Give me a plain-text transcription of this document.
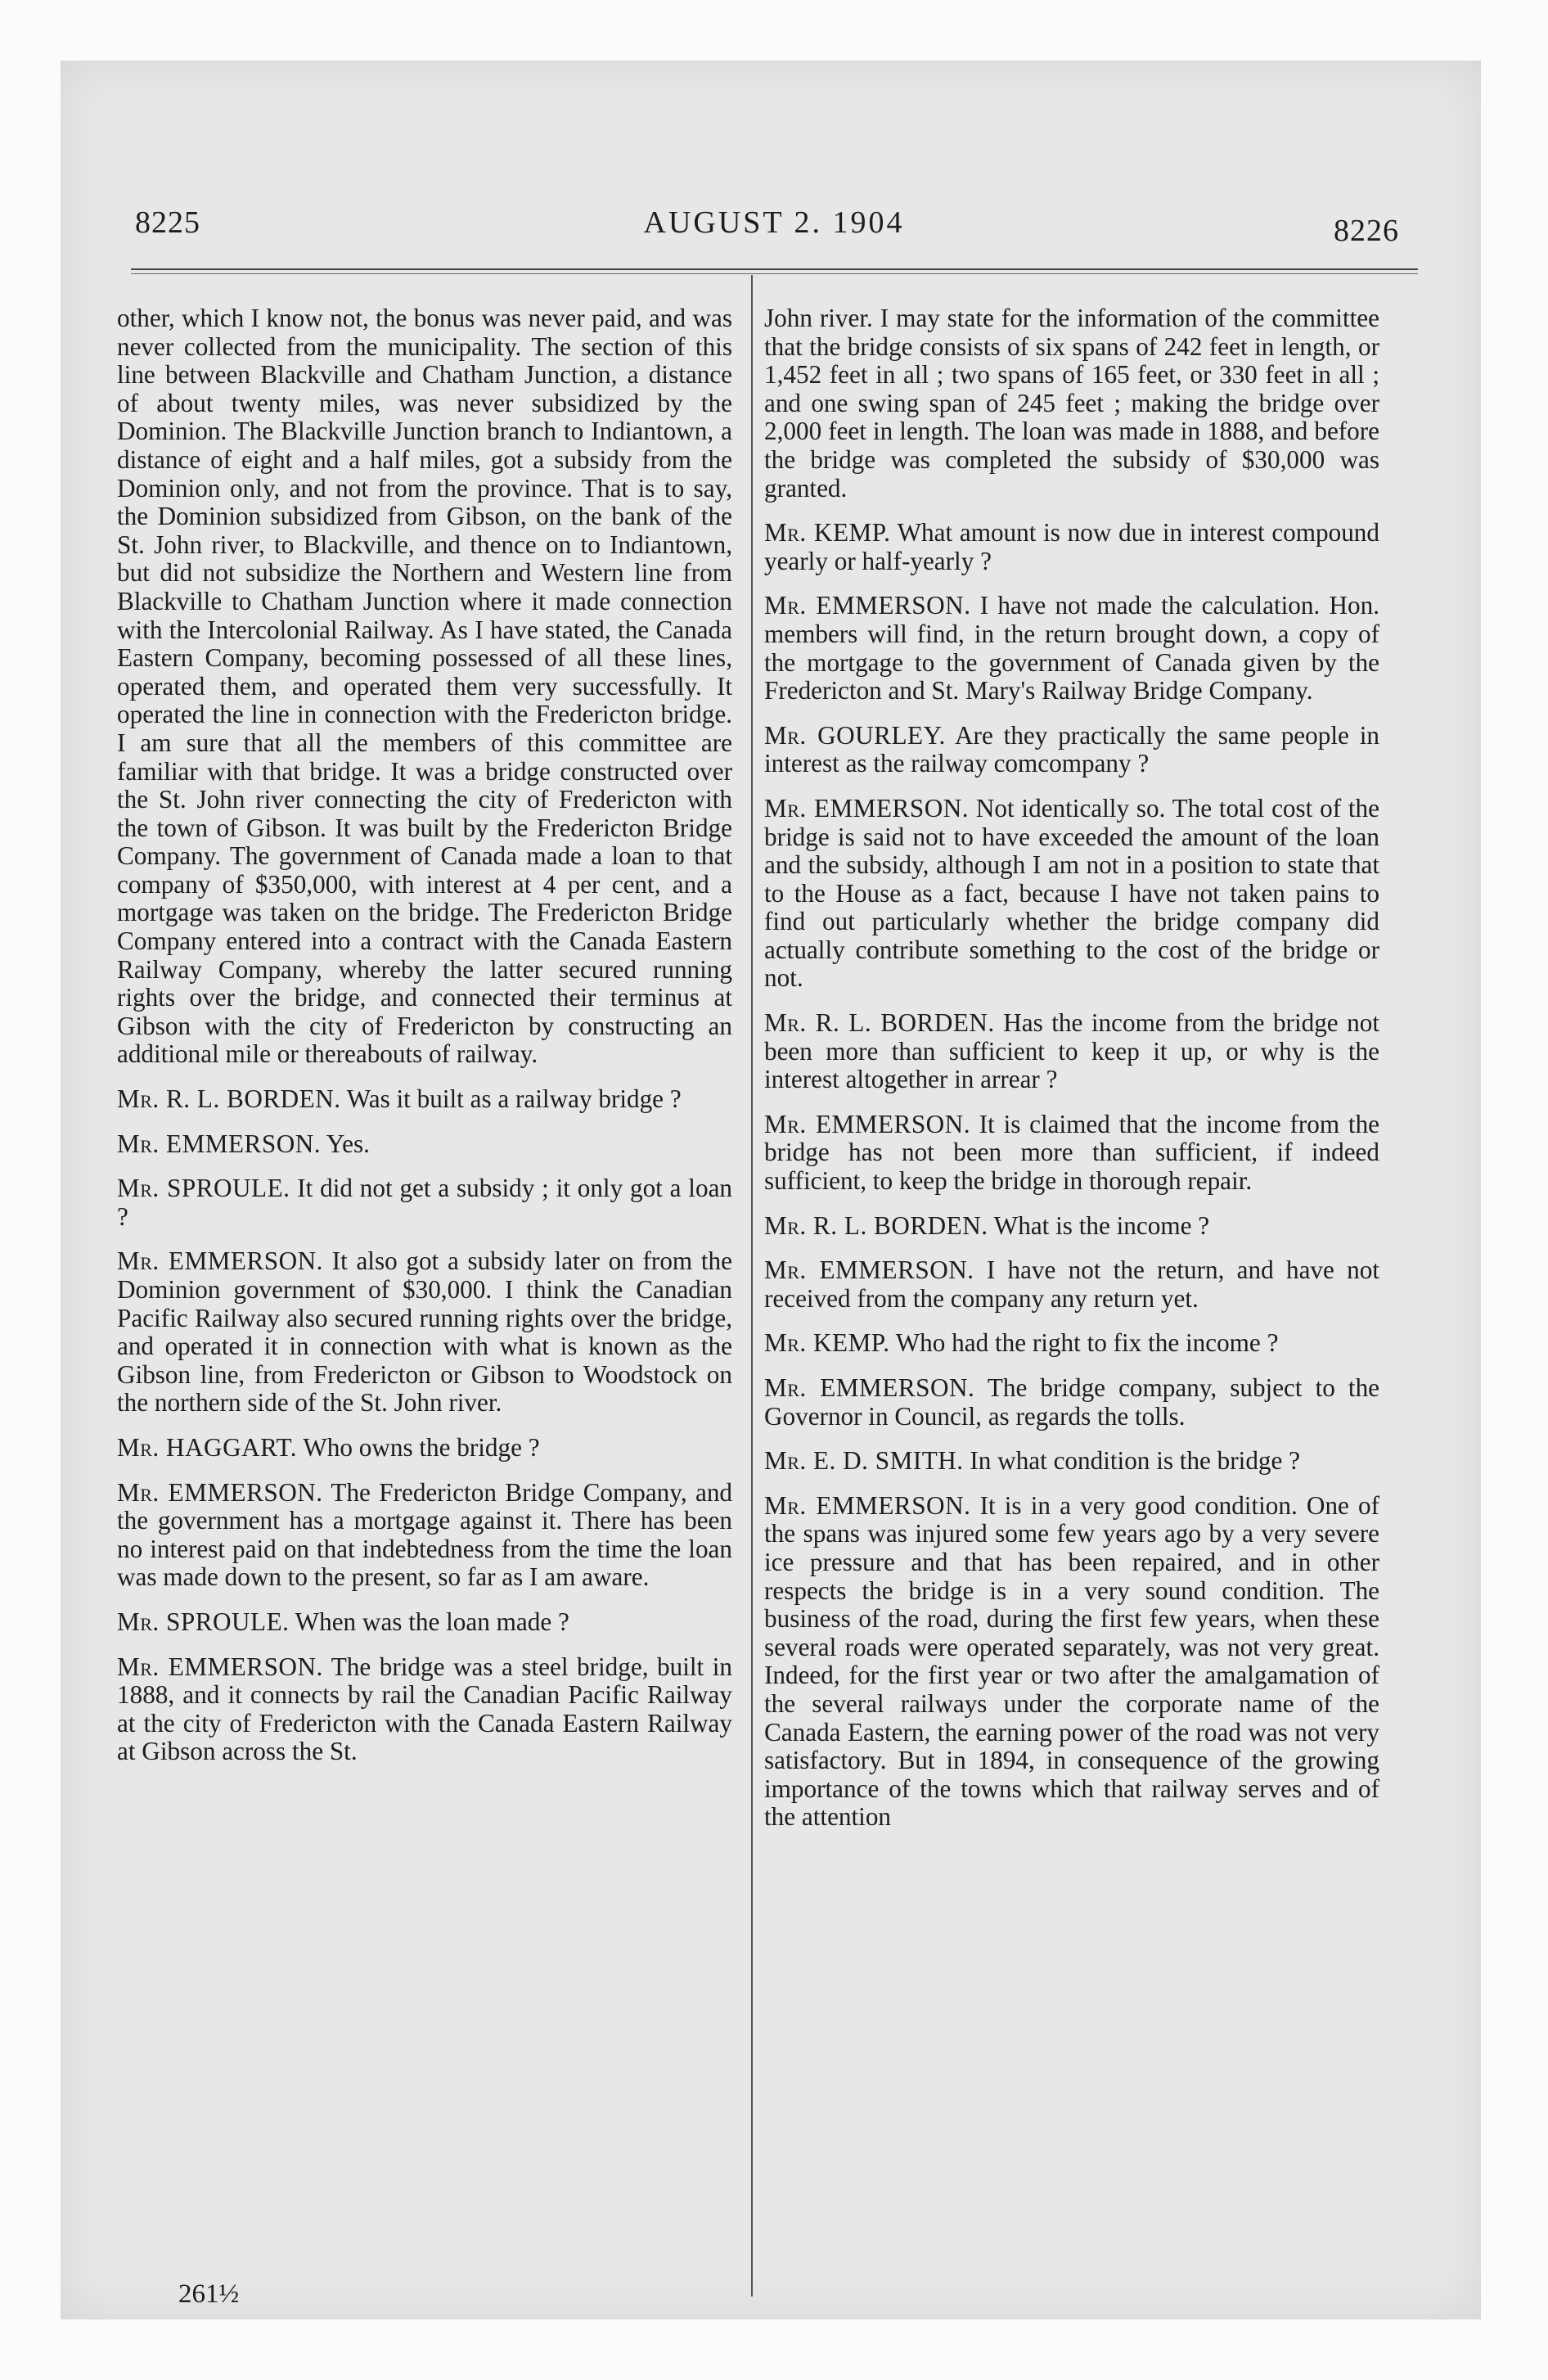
8225	AUGUST 2. 1904	8226

other, which I know not, the bonus was never paid, and was never collected from the municipality. The section of this line between Blackville and Chatham Junction, a distance of about twenty miles, was never subsidized by the Dominion. The Blackville Junction branch to Indiantown, a distance of eight and a half miles, got a subsidy from the Dominion only, and not from the province. That is to say, the Dominion subsidized from Gibson, on the bank of the St. John river, to Blackville, and thence on to Indiantown, but did not subsidize the Northern and Western line from Blackville to Chatham Junction where it made connection with the Intercolonial Railway. As I have stated, the Canada Eastern Company, becoming possessed of all these lines, operated them, and operated them very successfully. It operated the line in connection with the Fredericton bridge. I am sure that all the members of this committee are familiar with that bridge. It was a bridge constructed over the St. John river connecting the city of Fredericton with the town of Gibson. It was built by the Fredericton Bridge Company. The government of Canada made a loan to that company of $350,000, with interest at 4 per cent, and a mortgage was taken on the bridge. The Fredericton Bridge Company entered into a contract with the Canada Eastern Railway Company, whereby the latter secured running rights over the bridge, and connected their terminus at Gibson with the city of Fredericton by constructing an additional mile or thereabouts of railway.

Mr. R. L. BORDEN. Was it built as a railway bridge ?

Mr. EMMERSON. Yes.

Mr. SPROULE. It did not get a subsidy ; it only got a loan ?

Mr. EMMERSON. It also got a subsidy later on from the Dominion government of $30,000. I think the Canadian Pacific Railway also secured running rights over the bridge, and operated it in connection with what is known as the Gibson line, from Fredericton or Gibson to Woodstock on the northern side of the St. John river.

Mr. HAGGART. Who owns the bridge ?

Mr. EMMERSON. The Fredericton Bridge Company, and the government has a mortgage against it. There has been no interest paid on that indebtedness from the time the loan was made down to the present, so far as I am aware.

Mr. SPROULE. When was the loan made ?

Mr. EMMERSON. The bridge was a steel bridge, built in 1888, and it connects by rail the Canadian Pacific Railway at the city of Fredericton with the Canada Eastern Railway at Gibson across the St.

John river. I may state for the information of the committee that the bridge consists of six spans of 242 feet in length, or 1,452 feet in all ; two spans of 165 feet, or 330 feet in all ; and one swing span of 245 feet ; making the bridge over 2,000 feet in length. The loan was made in 1888, and before the bridge was completed the subsidy of $30,000 was granted.

Mr. KEMP. What amount is now due in interest compound yearly or half-yearly ?

Mr. EMMERSON. I have not made the calculation. Hon. members will find, in the return brought down, a copy of the mortgage to the government of Canada given by the Fredericton and St. Mary's Railway Bridge Company.

Mr. GOURLEY. Are they practically the same people in interest as the railway comcompany ?

Mr. EMMERSON. Not identically so. The total cost of the bridge is said not to have exceeded the amount of the loan and the subsidy, although I am not in a position to state that to the House as a fact, because I have not taken pains to find out particularly whether the bridge company did actually contribute something to the cost of the bridge or not.

Mr. R. L. BORDEN. Has the income from the bridge not been more than sufficient to keep it up, or why is the interest altogether in arrear ?

Mr. EMMERSON. It is claimed that the income from the bridge has not been more than sufficient, if indeed sufficient, to keep the bridge in thorough repair.

Mr. R. L. BORDEN. What is the income ?

Mr. EMMERSON. I have not the return, and have not received from the company any return yet.

Mr. KEMP. Who had the right to fix the income ?

Mr. EMMERSON. The bridge company, subject to the Governor in Council, as regards the tolls.

Mr. E. D. SMITH. In what condition is the bridge ?

Mr. EMMERSON. It is in a very good condition. One of the spans was injured some few years ago by a very severe ice pressure and that has been repaired, and in other respects the bridge is in a very sound condition. The business of the road, during the first few years, when these several roads were operated separately, was not very great. Indeed, for the first year or two after the amalgamation of the several railways under the corporate name of the Canada Eastern, the earning power of the road was not very satisfactory. But in 1894, in consequence of the growing importance of the towns which that railway serves and of the attention

261½
